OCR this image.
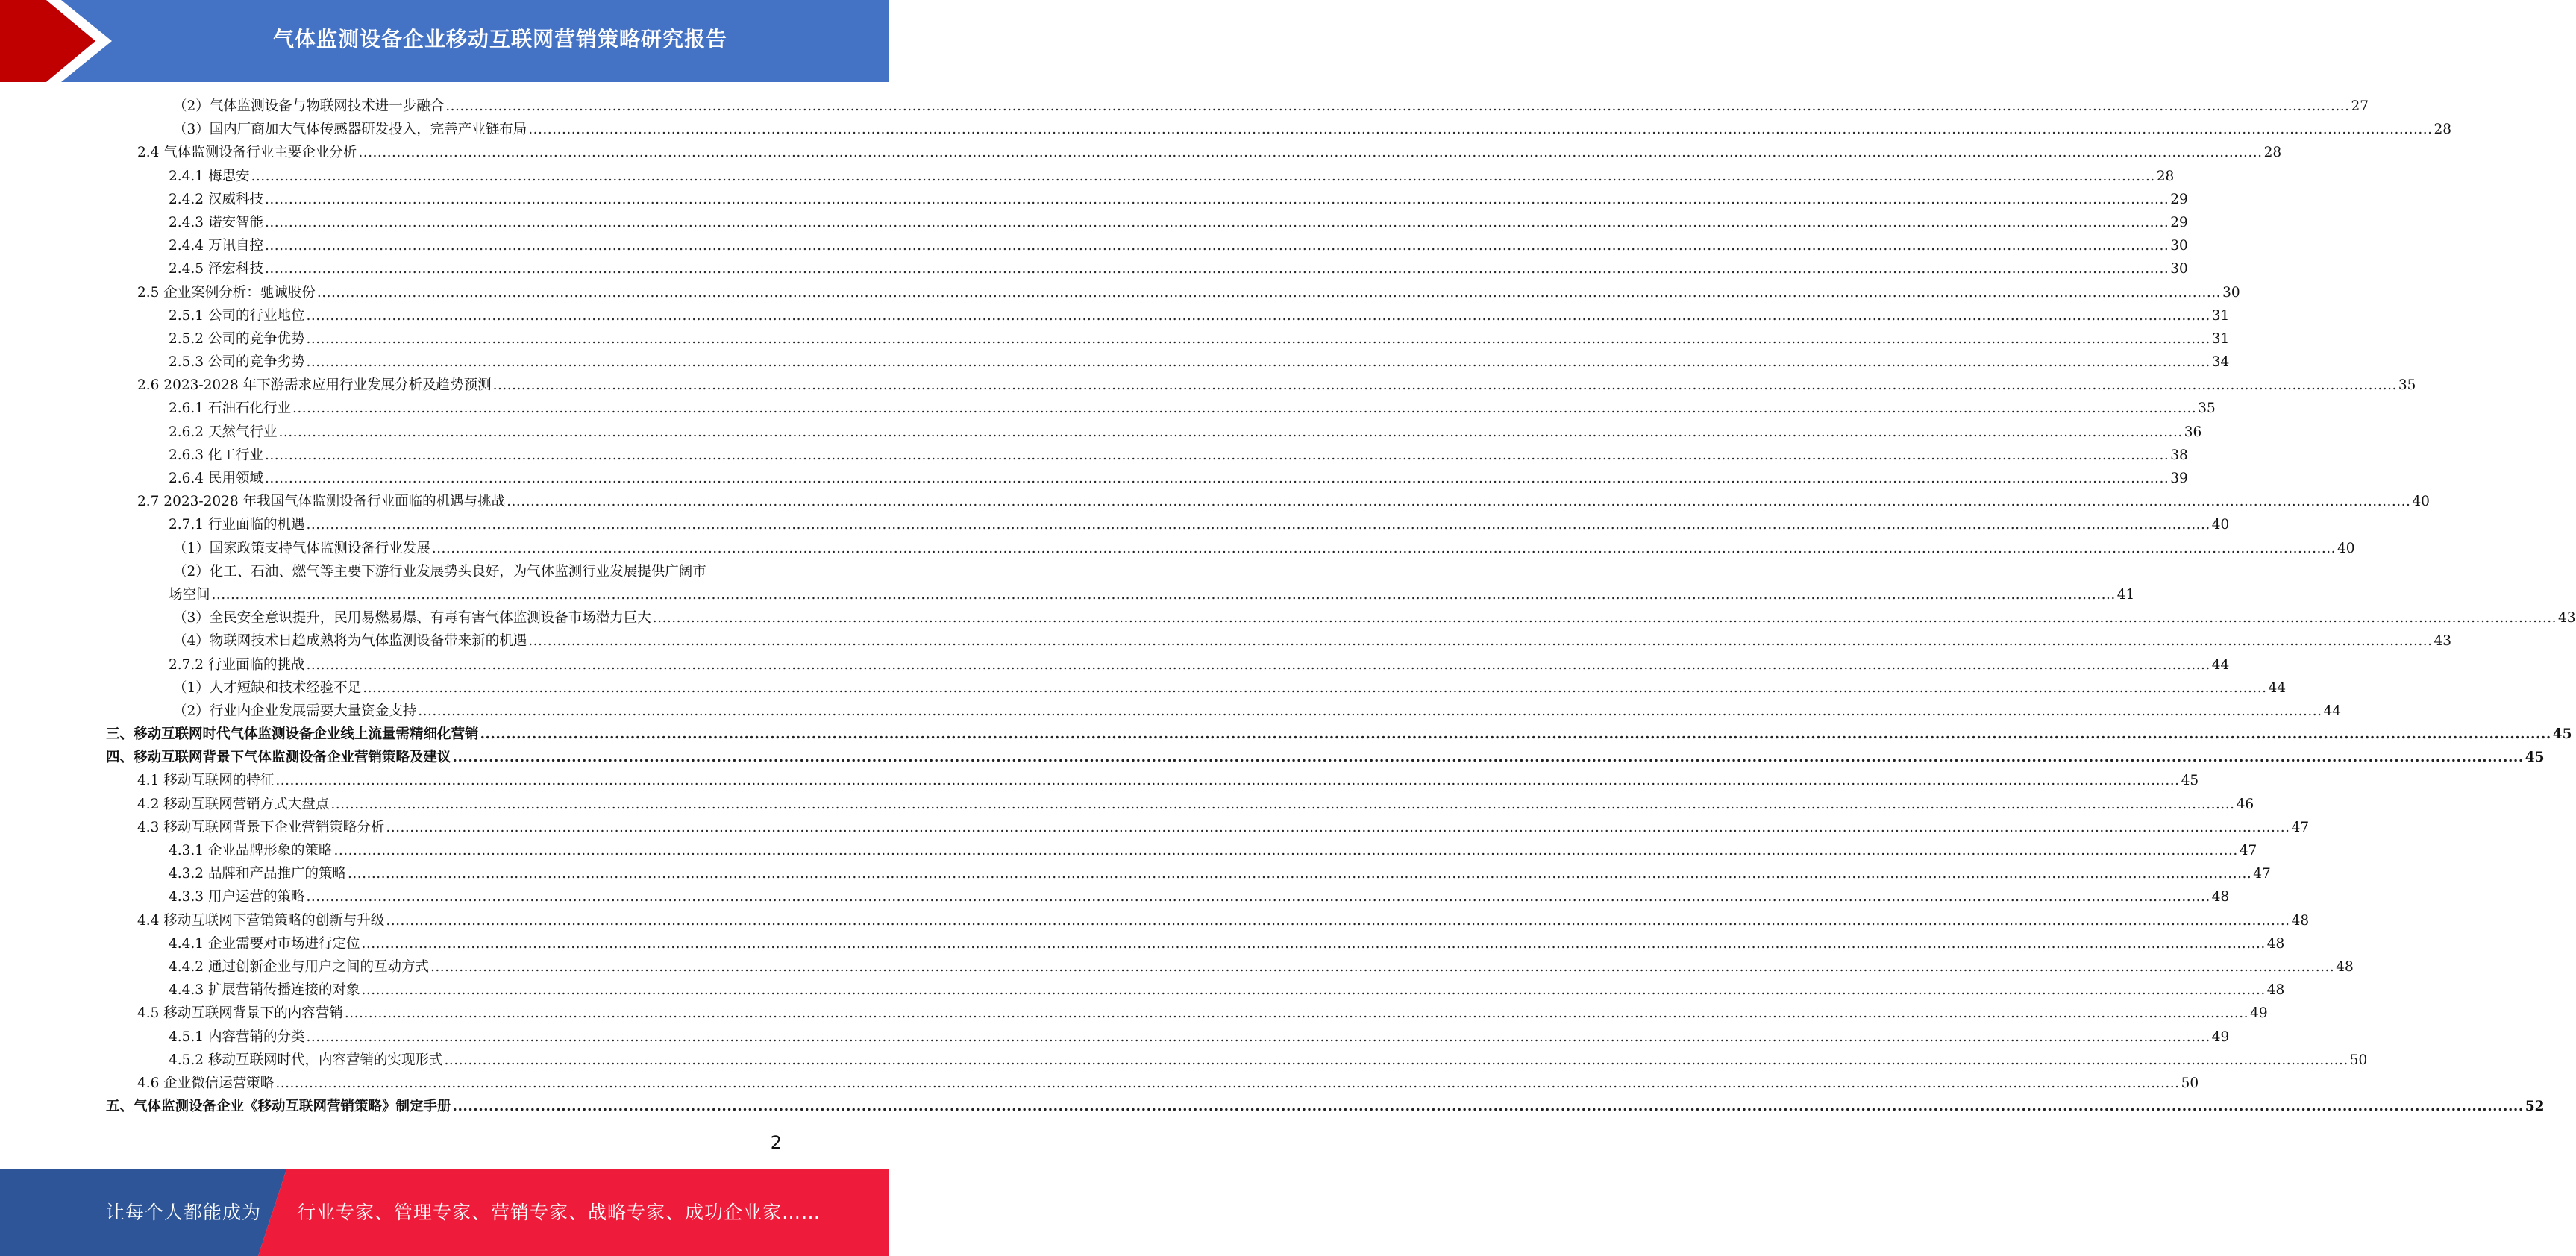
气体监测设备企业移动互联网营销策略研究报告
（2）气体监测设备与物联网技术进一步融合 ................................................................................................................................................................................................................................................................................................................................................................................................................ 27
（3）国内厂商加大气体传感器研发投入，完善产业链布局 ................................................................................................................................................................................................................................................................................................................................................................................................................ 28
2.4 气体监测设备行业主要企业分析 ................................................................................................................................................................................................................................................................................................................................................................................................................ 28
2.4.1 梅思安 ................................................................................................................................................................................................................................................................................................................................................................................................................ 28
2.4.2 汉威科技 ................................................................................................................................................................................................................................................................................................................................................................................................................ 29
2.4.3 诺安智能 ................................................................................................................................................................................................................................................................................................................................................................................................................ 29
2.4.4 万讯自控 ................................................................................................................................................................................................................................................................................................................................................................................................................ 30
2.4.5 泽宏科技 ................................................................................................................................................................................................................................................................................................................................................................................................................ 30
2.5 企业案例分析：驰诚股份 ................................................................................................................................................................................................................................................................................................................................................................................................................ 30
2.5.1 公司的行业地位 ................................................................................................................................................................................................................................................................................................................................................................................................................ 31
2.5.2 公司的竞争优势 ................................................................................................................................................................................................................................................................................................................................................................................................................ 31
2.5.3 公司的竞争劣势 ................................................................................................................................................................................................................................................................................................................................................................................................................ 34
2.6 2023-2028 年下游需求应用行业发展分析及趋势预测 ................................................................................................................................................................................................................................................................................................................................................................................................................ 35
2.6.1 石油石化行业 ................................................................................................................................................................................................................................................................................................................................................................................................................ 35
2.6.2 天然气行业 ................................................................................................................................................................................................................................................................................................................................................................................................................ 36
2.6.3 化工行业 ................................................................................................................................................................................................................................................................................................................................................................................................................ 38
2.6.4 民用领域 ................................................................................................................................................................................................................................................................................................................................................................................................................ 39
2.7 2023-2028 年我国气体监测设备行业面临的机遇与挑战 ................................................................................................................................................................................................................................................................................................................................................................................................................ 40
2.7.1 行业面临的机遇 ................................................................................................................................................................................................................................................................................................................................................................................................................ 40
（1）国家政策支持气体监测设备行业发展 ................................................................................................................................................................................................................................................................................................................................................................................................................ 40
（2）化工、石油、燃气等主要下游行业发展势头良好，为气体监测行业发展提供广阔市
场空间 ................................................................................................................................................................................................................................................................................................................................................................................................................ 41
（3）全民安全意识提升，民用易燃易爆、有毒有害气体监测设备市场潜力巨大 ................................................................................................................................................................................................................................................................................................................................................................................................................ 43
（4）物联网技术日趋成熟将为气体监测设备带来新的机遇 ................................................................................................................................................................................................................................................................................................................................................................................................................ 43
2.7.2 行业面临的挑战 ................................................................................................................................................................................................................................................................................................................................................................................................................ 44
（1）人才短缺和技术经验不足 ................................................................................................................................................................................................................................................................................................................................................................................................................ 44
（2）行业内企业发展需要大量资金支持 ................................................................................................................................................................................................................................................................................................................................................................................................................ 44
三、移动互联网时代气体监测设备企业线上流量需精细化营销 ................................................................................................................................................................................................................................................................................................................................................................................................................ 45
四、移动互联网背景下气体监测设备企业营销策略及建议 ................................................................................................................................................................................................................................................................................................................................................................................................................ 45
4.1 移动互联网的特征 ................................................................................................................................................................................................................................................................................................................................................................................................................ 45
4.2 移动互联网营销方式大盘点 ................................................................................................................................................................................................................................................................................................................................................................................................................ 46
4.3 移动互联网背景下企业营销策略分析 ................................................................................................................................................................................................................................................................................................................................................................................................................ 47
4.3.1 企业品牌形象的策略 ................................................................................................................................................................................................................................................................................................................................................................................................................ 47
4.3.2 品牌和产品推广的策略 ................................................................................................................................................................................................................................................................................................................................................................................................................ 47
4.3.3 用户运营的策略 ................................................................................................................................................................................................................................................................................................................................................................................................................ 48
4.4 移动互联网下营销策略的创新与升级 ................................................................................................................................................................................................................................................................................................................................................................................................................ 48
4.4.1 企业需要对市场进行定位 ................................................................................................................................................................................................................................................................................................................................................................................................................ 48
4.4.2 通过创新企业与用户之间的互动方式 ................................................................................................................................................................................................................................................................................................................................................................................................................ 48
4.4.3 扩展营销传播连接的对象 ................................................................................................................................................................................................................................................................................................................................................................................................................ 48
4.5 移动互联网背景下的内容营销 ................................................................................................................................................................................................................................................................................................................................................................................................................ 49
4.5.1 内容营销的分类 ................................................................................................................................................................................................................................................................................................................................................................................................................ 49
4.5.2 移动互联网时代，内容营销的实现形式 ................................................................................................................................................................................................................................................................................................................................................................................................................ 50
4.6 企业微信运营策略 ................................................................................................................................................................................................................................................................................................................................................................................................................ 50
五、气体监测设备企业《移动互联网营销策略》制定手册 ................................................................................................................................................................................................................................................................................................................................................................................................................ 52
2
让每个人都能成为 行业专家、管理专家、营销专家、战略专家、成功企业家……
